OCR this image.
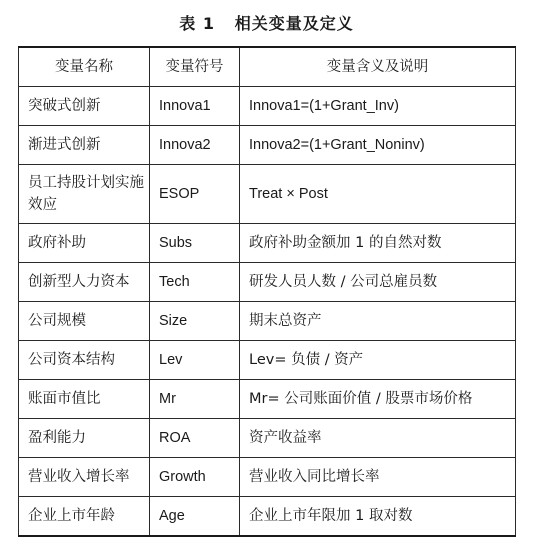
表 1   相关变量及定义
变量名称	变量符号	变量含义及说明
突破式创新	Innova1	Innova1=(1+Grant_Inv)
渐进式创新	Innova2	Innova2=(1+Grant_Noninv)
员工持股计划实施效应	ESOP	Treat × Post
政府补助	Subs	政府补助金额加 1 的自然对数
创新型人力资本	Tech	研发人员人数 / 公司总雇员数
公司规模	Size	期末总资产
公司资本结构	Lev	Lev= 负债 / 资产
账面市值比	Mr	Mr= 公司账面价值 / 股票市场价格
盈利能力	ROA	资产收益率
营业收入增长率	Growth	营业收入同比增长率
企业上市年龄	Age	企业上市年限加 1 取对数
